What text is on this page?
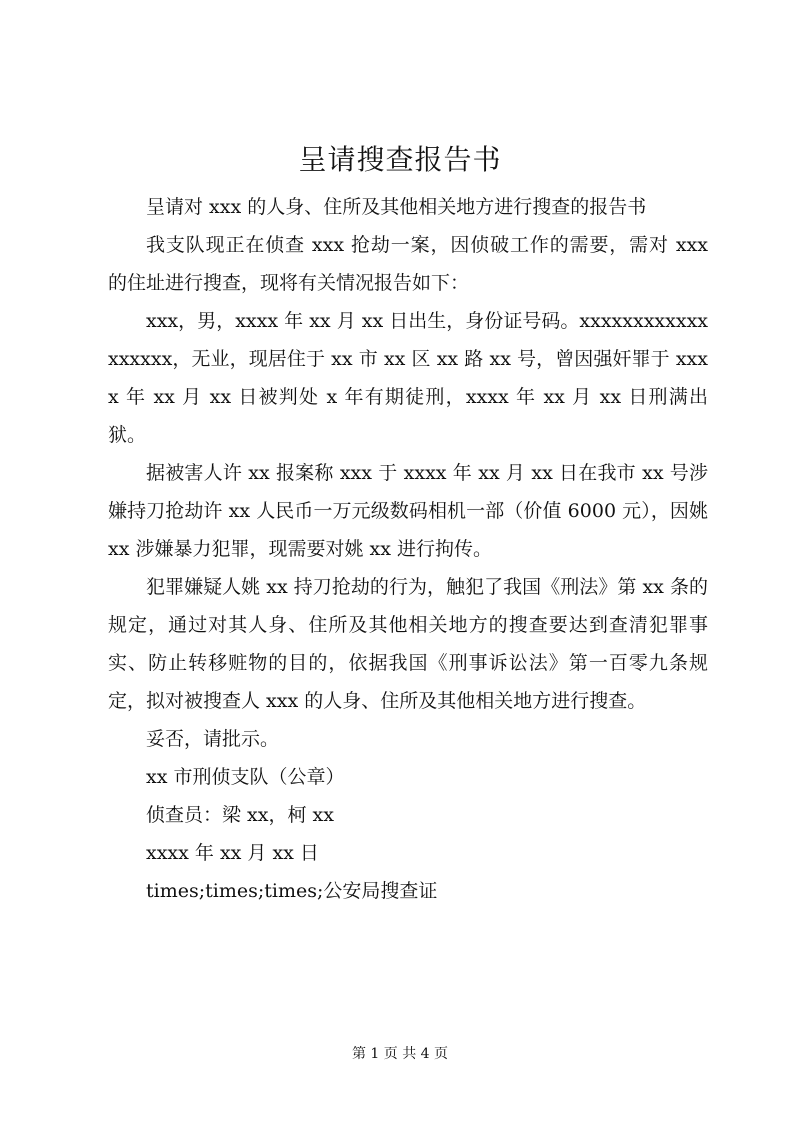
呈请搜查报告书

呈请对 xxx 的人身、住所及其他相关地方进行搜查的报告书

我支队现正在侦查 xxx 抢劫一案，因侦破工作的需要，需对 xxx 的住址进行搜查，现将有关情况报告如下：

xxx，男，xxxx 年 xx 月 xx 日出生，身份证号码。xxxxxxxxxxxxxxxxxx，无业，现居住于 xx 市 xx 区 xx 路 xx 号，曾因强奸罪于 xxxx 年 xx 月 xx 日被判处 x 年有期徒刑，xxxx 年 xx 月 xx 日刑满出狱。

据被害人许 xx 报案称 xxx 于 xxxx 年 xx 月 xx 日在我市 xx 号涉嫌持刀抢劫许 xx 人民币一万元级数码相机一部（价值 6000 元），因姚 xx 涉嫌暴力犯罪，现需要对姚 xx 进行拘传。

犯罪嫌疑人姚 xx 持刀抢劫的行为，触犯了我国《刑法》第 xx 条的规定，通过对其人身、住所及其他相关地方的搜查要达到查清犯罪事实、防止转移赃物的目的，依据我国《刑事诉讼法》第一百零九条规定，拟对被搜查人 xxx 的人身、住所及其他相关地方进行搜查。

妥否，请批示。

xx 市刑侦支队（公章）

侦查员：梁 xx，柯 xx

xxxx 年 xx 月 xx 日

times;times;times;公安局搜查证

第 1 页 共 4 页
